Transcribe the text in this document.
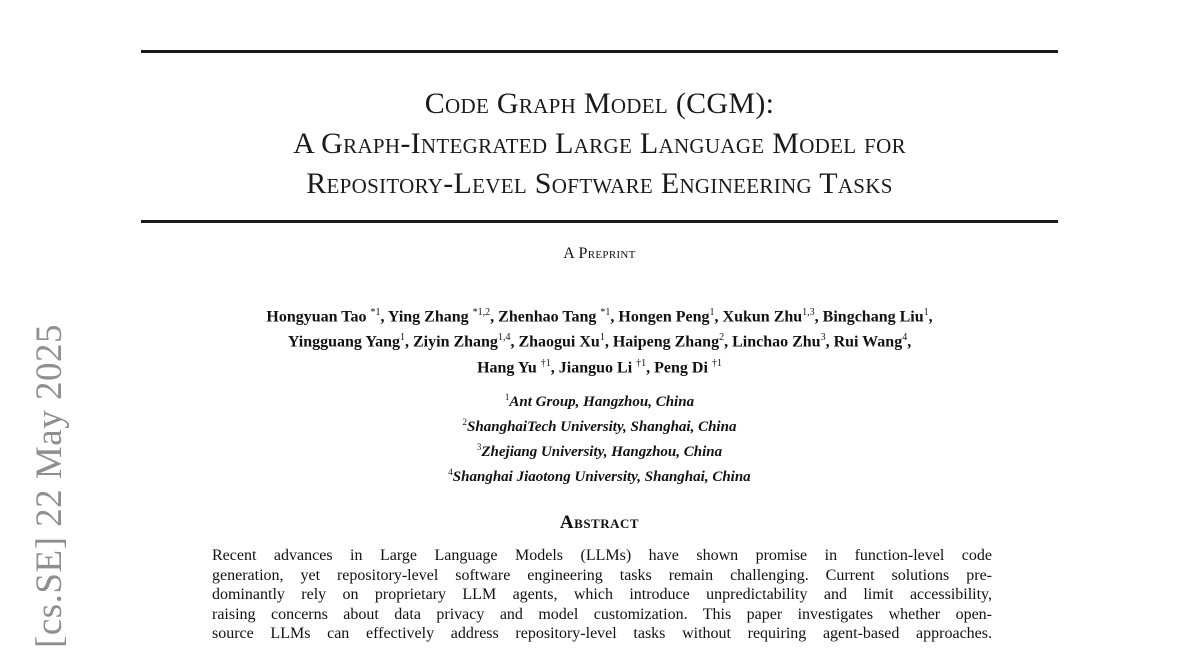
[cs.SE] 22 May 2025
Code Graph Model (CGM):
A Graph-Integrated Large Language Model for
Repository-Level Software Engineering Tasks
A Preprint
Hongyuan Tao $^{*1}$, Ying Zhang $^{*1,2}$, Zhenhao Tang $^{*1}$, Hongen Peng$^1$, Xukun Zhu$^{1,3}$, Bingchang Liu$^1$,
Yingguang Yang$^1$, Ziyin Zhang$^{1,4}$, Zhaogui Xu$^1$, Haipeng Zhang$^2$, Linchao Zhu$^3$, Rui Wang$^4$,
Hang Yu $^{\dagger 1}$, Jianguo Li $^{\dagger 1}$, Peng Di $^{\dagger 1}$
$^1$Ant Group, Hangzhou, China
$^2$ShanghaiTech University, Shanghai, China
$^3$Zhejiang University, Hangzhou, China
$^4$Shanghai Jiaotong University, Shanghai, China
Abstract
Recent advances in Large Language Models (LLMs) have shown promise in function-level code
generation, yet repository-level software engineering tasks remain challenging. Current solutions pre-
dominantly rely on proprietary LLM agents, which introduce unpredictability and limit accessibility,
raising concerns about data privacy and model customization. This paper investigates whether open-
source LLMs can effectively address repository-level tasks without requiring agent-based approaches.
